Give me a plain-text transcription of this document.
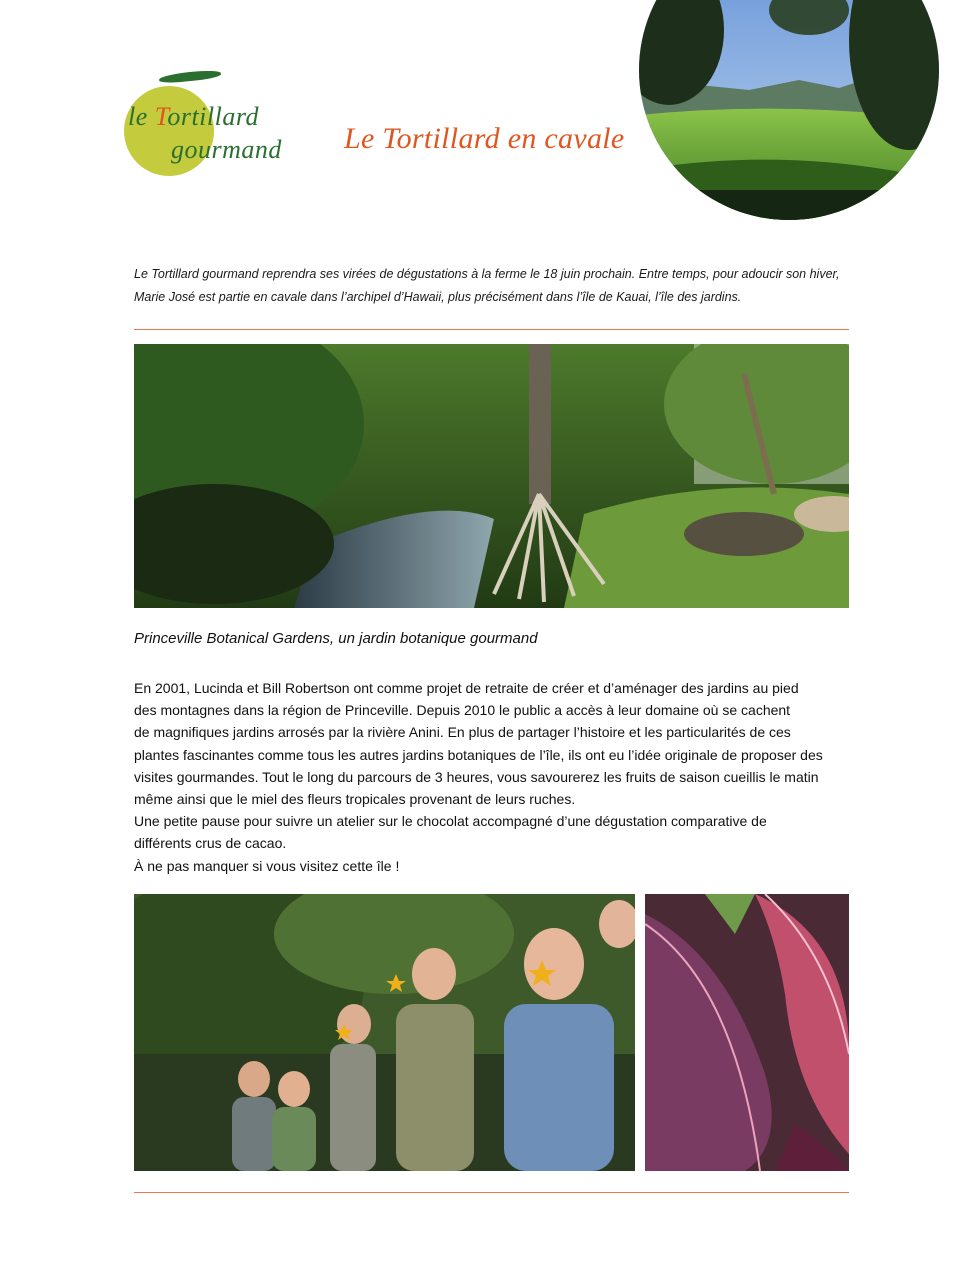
le Tortillard
gourmand Le Tortillard en cavale
Le Tortillard gourmand reprendra ses virées de dégustations à la ferme le 18 juin prochain. Entre temps, pour adoucir son hiver,
Marie José est partie en cavale dans l’archipel d’Hawaii, plus précisément dans l’île de Kauai, l’île des jardins.
Princeville Botanical Gardens, un jardin botanique gourmand

En 2001, Lucinda et Bill Robertson ont comme projet de retraite de créer et d’aménager des jardins au pied

des montagnes dans la région de Princeville. Depuis 2010 le public a accès à leur domaine où se cachent

de magnifiques jardins arrosés par la rivière Anini. En plus de partager l’histoire et les particularités de ces

plantes fascinantes comme tous les autres jardins botaniques de l’île, ils ont eu l’idée originale de proposer des

visites gourmandes. Tout le long du parcours de 3 heures, vous savourerez les fruits de saison cueillis le matin

même ainsi que le miel des fleurs tropicales provenant de leurs ruches.

Une petite pause pour suivre un atelier sur le chocolat accompagné d’une dégustation comparative de

différents crus de cacao.

À ne pas manquer si vous visitez cette île !
